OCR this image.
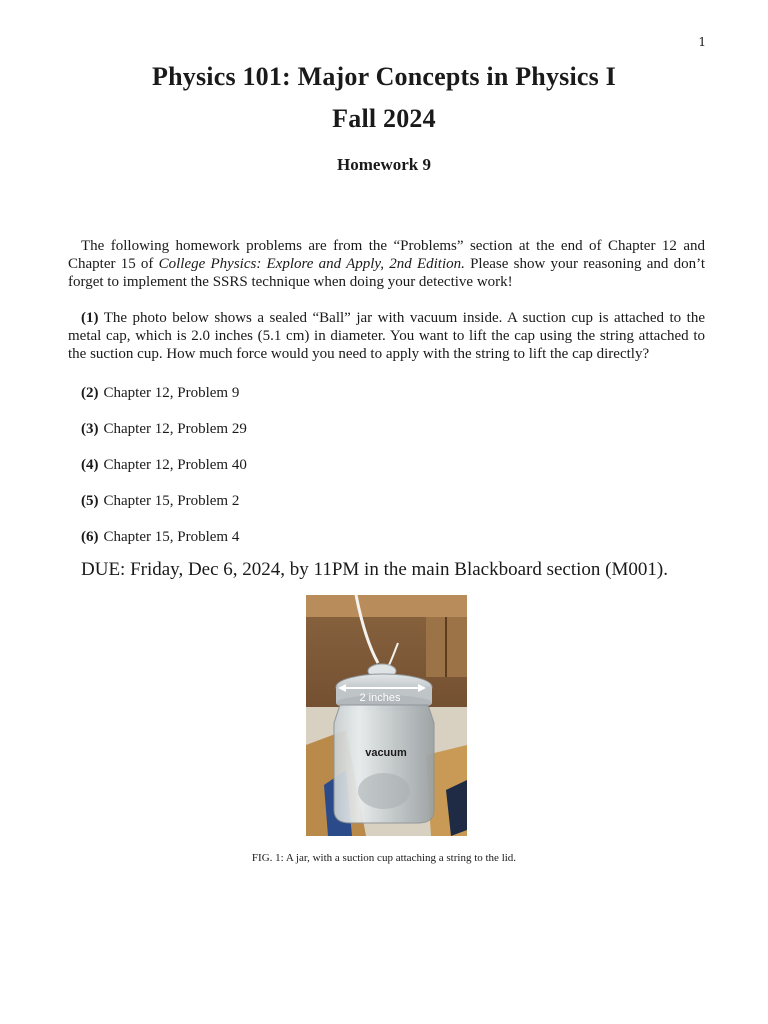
1
Physics 101: Major Concepts in Physics I
Fall 2024
Homework 9

The following homework problems are from the “Problems” section at the end of Chapter 12 and Chapter 15 of College Physics: Explore and Apply, 2nd Edition. Please show your reasoning and don’t forget to implement the SSRS technique when doing your detective work!

(1) The photo below shows a sealed “Ball” jar with vacuum inside. A suction cup is attached to the metal cap, which is 2.0 inches (5.1 cm) in diameter. You want to lift the cap using the string attached to the suction cup. How much force would you need to apply with the string to lift the cap directly?

(2) Chapter 12, Problem 9
(3) Chapter 12, Problem 29
(4) Chapter 12, Problem 40
(5) Chapter 15, Problem 2
(6) Chapter 15, Problem 4
DUE: Friday, Dec 6, 2024, by 11PM in the main Blackboard section (M001).
2 inches
vacuum
FIG. 1: A jar, with a suction cup attaching a string to the lid.
